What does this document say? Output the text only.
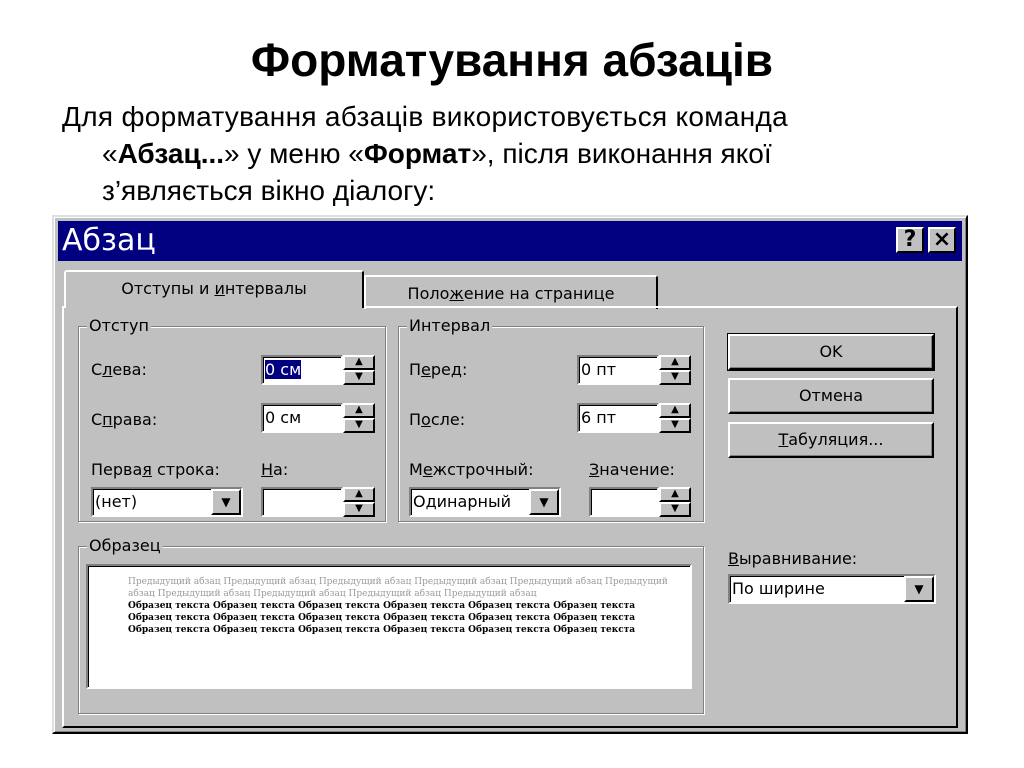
Форматування абзаців
Для форматування абзаців використовується команда
«Абзац...» у меню «Формат», після виконання якої
з’являється вікно діалогу:
Абзац	? ×
Отступы и интервалы	Положение на странице
Отступ
Слева:	0 см	▲
▼
Справа:	0 см	▲
▼
Первая строка:
(нет)	▼
На:
▲
▼
Интервал
Перед:	0 пт	▲
▼
После:	6 пт	▲
▼
Межстрочный:
Одинарный	▼
Значение:
▲
▼
OK
Отмена
Табуляция...
Выравнивание:
По ширине	▼
Образец
Предыдущий абзац Предыдущий абзац Предыдущий абзац Предыдущий абзац Предыдущий абзац Предыдущий абзац Предыдущий абзац Предыдущий абзац Предыдущий абзац Предыдущий абзац
Образец текста Образец текста Образец текста Образец текста Образец текста Образец текста Образец текста Образец текста Образец текста Образец текста Образец текста Образец текста Образец текста Образец текста Образец текста Образец текста Образец текста Образец текста
